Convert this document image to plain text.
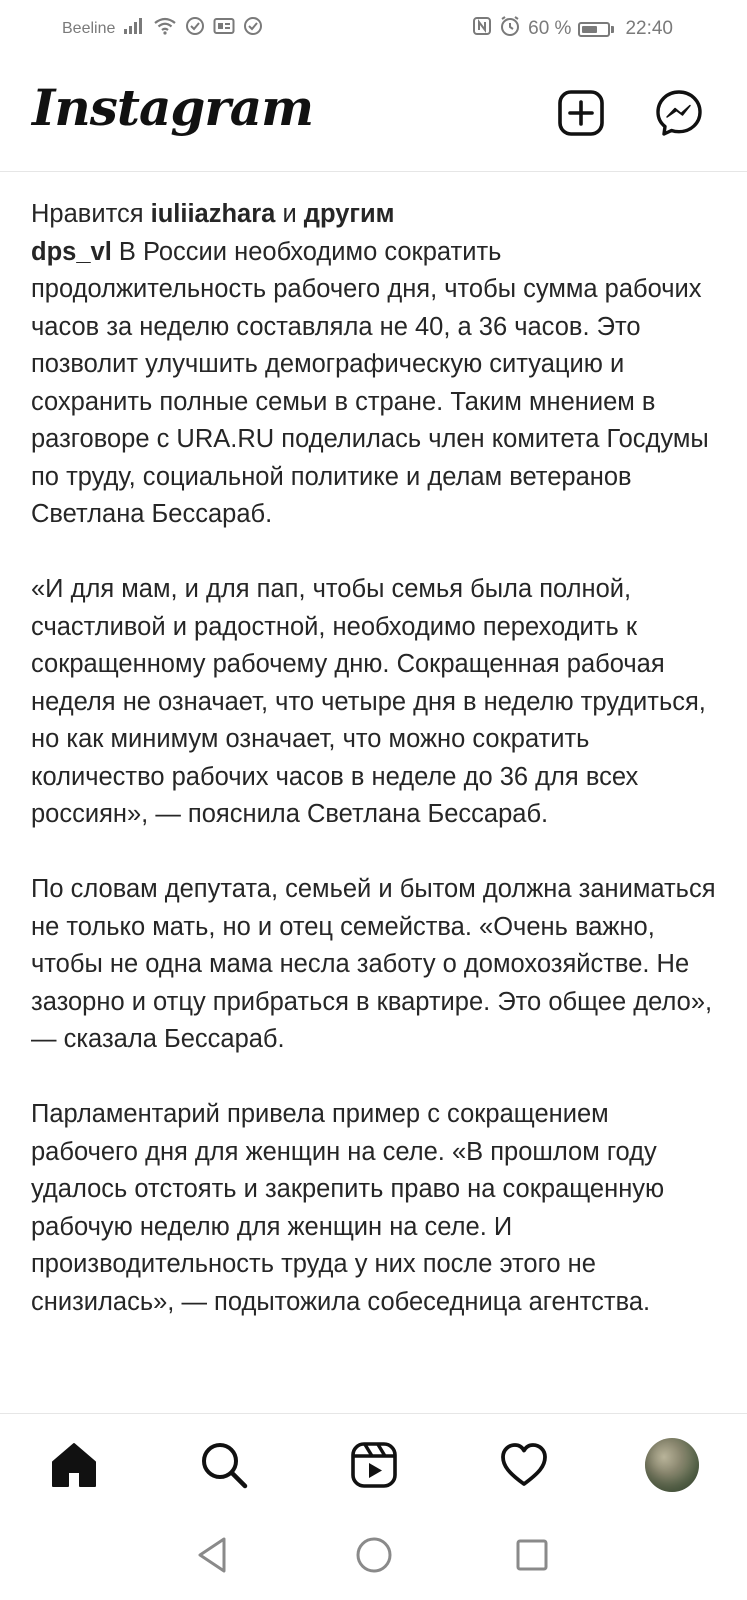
Beeline	60 %	22:40
Instagram

Нравится iuliiazhara и другим

dps_vl В России необходимо сократить продолжительность рабочего дня, чтобы сумма рабочих часов за неделю составляла не 40, а 36 часов. Это позволит улучшить демографическую ситуацию и сохранить полные семьи в стране. Таким мнением в разговоре с URA.RU поделилась член комитета Госдумы по труду, социальной политике и делам ветеранов Светлана Бессараб.

«И для мам, и для пап, чтобы семья была полной, счастливой и радостной, необходимо переходить к сокращенному рабочему дню. Сокращенная рабочая неделя не означает, что четыре дня в неделю трудиться, но как минимум означает, что можно сократить количество рабочих часов в неделе до 36 для всех россиян», — пояснила Светлана Бессараб.

По словам депутата, семьей и бытом должна заниматься не только мать, но и отец семейства. «Очень важно, чтобы не одна мама несла заботу о домохозяйстве. Не зазорно и отцу прибраться в квартире. Это общее дело», — сказала Бессараб.

Парламентарий привела пример с сокращением рабочего дня для женщин на селе. «В прошлом году удалось отстоять и закрепить право на сокращенную рабочую неделю для женщин на селе. И производительность труда у них после этого не снизилась», — подытожила собеседница агентства.
